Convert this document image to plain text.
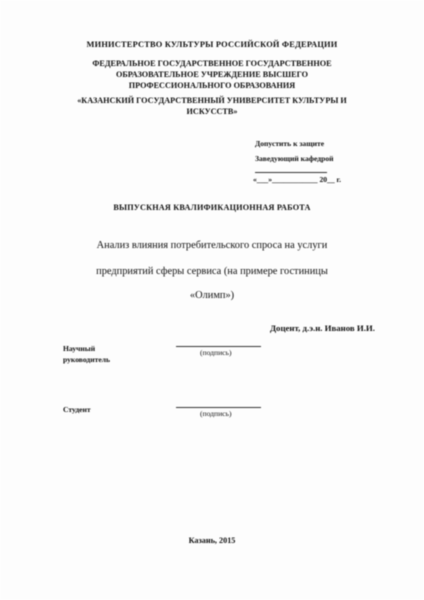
МИНИСТЕРСТВО КУЛЬТУРЫ РОССИЙСКОЙ ФЕДЕРАЦИИ
ФЕДЕРАЛЬНОЕ ГОСУДАРСТВЕННОЕ ГОСУДАРСТВЕННОЕ
ОБРАЗОВАТЕЛЬНОЕ УЧРЕЖДЕНИЕ ВЫСШЕГО
ПРОФЕССИОНАЛЬНОГО ОБРАЗОВАНИЯ
«КАЗАНСКИЙ ГОСУДАРСТВЕННЫЙ УНИВЕРСИТЕТ КУЛЬТУРЫ И
ИСКУССТВ»
Допустить к защите
Заведующий кафедрой
«___»____________ 20__ г.
ВЫПУСКНАЯ КВАЛИФИКАЦИОННАЯ РАБОТА
Анализ влияния потребительского спроса на услуги
предприятий сферы сервиса (на примере гостиницы
«Олимп»)
Доцент, д.э.н. Иванов И.И.
Научный
руководитель
(подпись)
Студент	(подпись)
Казань, 2015
